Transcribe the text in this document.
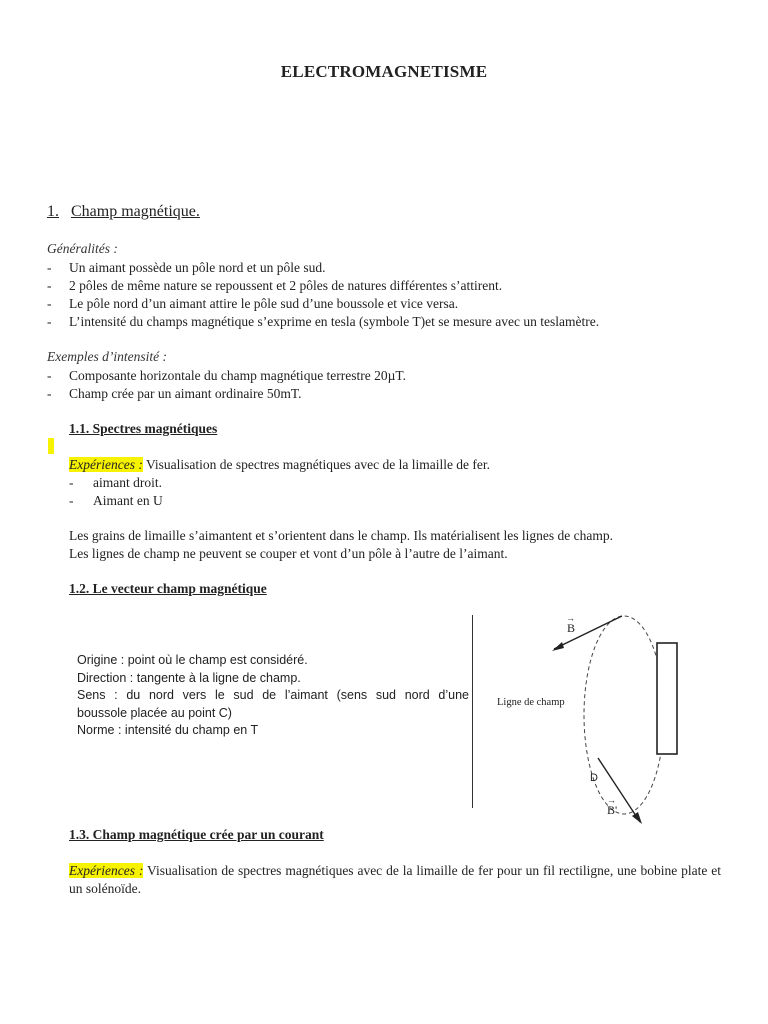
ELECTROMAGNETISME
1. Champ magnétique.
Généralités :
- Un aimant possède un pôle nord et un pôle sud.
- 2 pôles de même nature se repoussent et 2 pôles de natures différentes s’attirent.
- Le pôle nord d’un aimant attire le pôle sud d’une boussole et vice versa.
- L’intensité du champs magnétique s’exprime en tesla (symbole T)et se mesure avec un teslamètre.
Exemples d’intensité :
- Composante horizontale du champ magnétique terrestre 20µT.
- Champ crée par un aimant ordinaire 50mT.
1.1. Spectres magnétiques
Expériences : Visualisation de spectres magnétiques avec de la limaille de fer.
- aimant droit.
- Aimant en U
Les grains de limaille s’aimantent et s’orientent dans le champ. Ils matérialisent les lignes de champ.
Les lignes de champ ne peuvent se couper et vont d’un pôle à l’autre de l’aimant.
1.2. Le vecteur champ magnétique
Origine : point où le champ est considéré.
Direction : tangente à la ligne de champ.
Sens : du nord vers le sud de l’aimant (sens sud nord d’une
boussole placée au point C)
Norme : intensité du champ en T
→
B
Ligne de champ
D
→
B'
1.3. Champ magnétique crée par un courant
Expériences : Visualisation de spectres magnétiques avec de la limaille de fer pour un fil rectiligne, une bobine plate et un solénoïde.
